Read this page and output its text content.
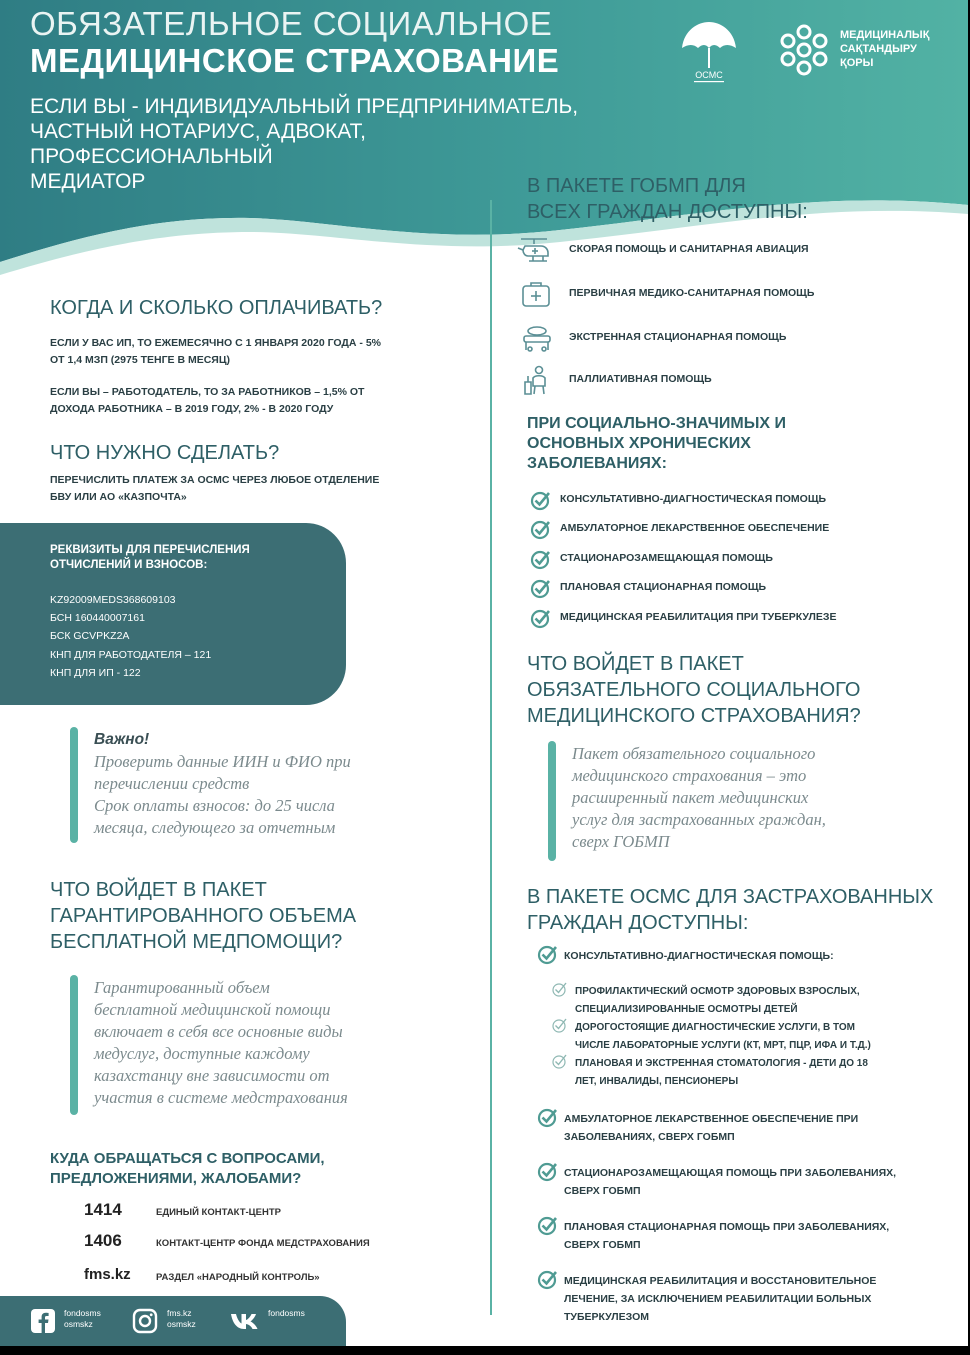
ОБЯЗАТЕЛЬНОЕ СОЦИАЛЬНОЕ
МЕДИЦИНСКОЕ СТРАХОВАНИЕ
ЕСЛИ ВЫ - ИНДИВИДУАЛЬНЫЙ ПРЕДПРИНИМАТЕЛЬ,
ЧАСТНЫЙ НОТАРИУС, АДВОКАТ,
ПРОФЕССИОНАЛЬНЫЙ
МЕДИАТОР
ОСМС
МЕДИЦИНАЛЫҚ
САҚТАНДЫРУ
ҚОРЫ
КОГДА И СКОЛЬКО ОПЛАЧИВАТЬ?
ЕСЛИ У ВАС ИП, ТО ЕЖЕМЕСЯЧНО С 1 ЯНВАРЯ 2020 ГОДА - 5%
ОТ 1,4 МЗП (2975 ТЕНГЕ В МЕСЯЦ)
ЕСЛИ ВЫ – РАБОТОДАТЕЛЬ, ТО ЗА РАБОТНИКОВ – 1,5% ОТ
ДОХОДА РАБОТНИКА – В 2019 ГОДУ, 2% - В 2020 ГОДУ
ЧТО НУЖНО СДЕЛАТЬ?
ПЕРЕЧИСЛИТЬ ПЛАТЕЖ ЗА ОСМС ЧЕРЕЗ ЛЮБОЕ ОТДЕЛЕНИЕ
БВУ ИЛИ АО «КАЗПОЧТА»
РЕКВИЗИТЫ ДЛЯ ПЕРЕЧИСЛЕНИЯ
ОТЧИСЛЕНИЙ И ВЗНОСОВ:
KZ92009MEDS368609103
БСН 160440007161
БСК GCVPKZ2A
КНП ДЛЯ РАБОТОДАТЕЛЯ – 121
КНП ДЛЯ ИП - 122
Важно!
Проверить данные ИИН и ФИО при
перечислении средств
Срок оплаты взносов: до 25 числа
месяца, следующего за отчетным
ЧТО ВОЙДЕТ В ПАКЕТ
ГАРАНТИРОВАННОГО ОБЪЕМА
БЕСПЛАТНОЙ МЕДПОМОЩИ?
Гарантированный объем
бесплатной медицинской помощи
включает в себя все основные виды
медуслуг, доступные каждому
казахстанцу вне зависимости от
участия в системе медстрахования
КУДА ОБРАЩАТЬСЯ С ВОПРОСАМИ,
ПРЕДЛОЖЕНИЯМИ, ЖАЛОБАМИ?
1414	ЕДИНЫЙ КОНТАКТ-ЦЕНТР
1406	КОНТАКТ-ЦЕНТР ФОНДА МЕДСТРАХОВАНИЯ
fms.kz	РАЗДЕЛ «НАРОДНЫЙ КОНТРОЛЬ»
fondosms
osmskz
fms.kz
osmskz
fondosms
В ПАКЕТЕ ГОБМП ДЛЯ
ВСЕХ ГРАЖДАН ДОСТУПНЫ:
СКОРАЯ ПОМОЩЬ И САНИТАРНАЯ АВИАЦИЯ
ПЕРВИЧНАЯ МЕДИКО-САНИТАРНАЯ ПОМОЩЬ
ЭКСТРЕННАЯ СТАЦИОНАРНАЯ ПОМОЩЬ
ПАЛЛИАТИВНАЯ ПОМОЩЬ
ПРИ СОЦИАЛЬНО-ЗНАЧИМЫХ И
ОСНОВНЫХ ХРОНИЧЕСКИХ
ЗАБОЛЕВАНИЯХ:
КОНСУЛЬТАТИВНО-ДИАГНОСТИЧЕСКАЯ ПОМОЩЬ
АМБУЛАТОРНОЕ ЛЕКАРСТВЕННОЕ ОБЕСПЕЧЕНИЕ
СТАЦИОНАРОЗАМЕЩАЮЩАЯ ПОМОЩЬ
ПЛАНОВАЯ СТАЦИОНАРНАЯ ПОМОЩЬ
МЕДИЦИНСКАЯ РЕАБИЛИТАЦИЯ ПРИ ТУБЕРКУЛЕЗЕ
ЧТО ВОЙДЕТ В ПАКЕТ
ОБЯЗАТЕЛЬНОГО СОЦИАЛЬНОГО
МЕДИЦИНСКОГО СТРАХОВАНИЯ?
Пакет обязательного социального
медицинского страхования – это
расширенный пакет медицинских
услуг для застрахованных граждан,
сверх ГОБМП
В ПАКЕТЕ ОСМС ДЛЯ ЗАСТРАХОВАННЫХ
ГРАЖДАН ДОСТУПНЫ:
КОНСУЛЬТАТИВНО-ДИАГНОСТИЧЕСКАЯ ПОМОЩЬ:
ПРОФИЛАКТИЧЕСКИЙ ОСМОТР ЗДОРОВЫХ ВЗРОСЛЫХ,
СПЕЦИАЛИЗИРОВАННЫЕ ОСМОТРЫ ДЕТЕЙ
ДОРОГОСТОЯЩИЕ ДИАГНОСТИЧЕСКИЕ УСЛУГИ, В ТОМ
ЧИСЛЕ ЛАБОРАТОРНЫЕ УСЛУГИ (КТ, МРТ, ПЦР, ИФА И Т.Д.)
ПЛАНОВАЯ И ЭКСТРЕННАЯ СТОМАТОЛОГИЯ - ДЕТИ ДО 18
ЛЕТ, ИНВАЛИДЫ, ПЕНСИОНЕРЫ
АМБУЛАТОРНОЕ ЛЕКАРСТВЕННОЕ ОБЕСПЕЧЕНИЕ ПРИ
ЗАБОЛЕВАНИЯХ, СВЕРХ ГОБМП
СТАЦИОНАРОЗАМЕЩАЮЩАЯ ПОМОЩЬ ПРИ ЗАБОЛЕВАНИЯХ,
СВЕРХ ГОБМП
ПЛАНОВАЯ СТАЦИОНАРНАЯ ПОМОЩЬ ПРИ ЗАБОЛЕВАНИЯХ,
СВЕРХ ГОБМП
МЕДИЦИНСКАЯ РЕАБИЛИТАЦИЯ И ВОССТАНОВИТЕЛЬНОЕ
ЛЕЧЕНИЕ, ЗА ИСКЛЮЧЕНИЕМ РЕАБИЛИТАЦИИ БОЛЬНЫХ
ТУБЕРКУЛЕЗОМ
